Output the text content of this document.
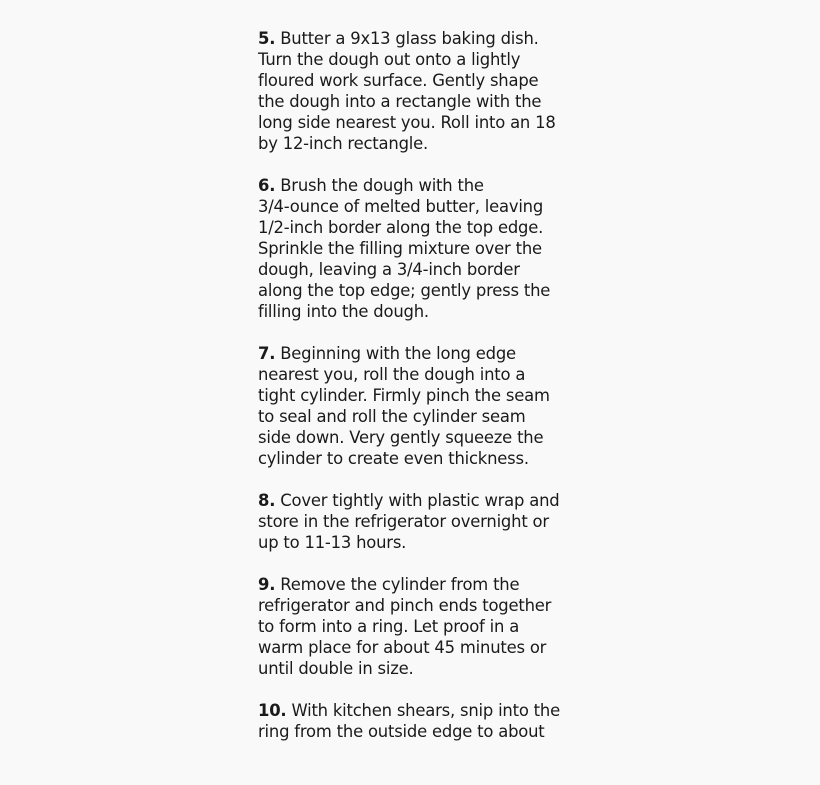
5. Butter a 9x13 glass baking dish.
Turn the dough out onto a lightly
floured work surface. Gently shape
the dough into a rectangle with the
long side nearest you. Roll into an 18
by 12-inch rectangle.
6. Brush the dough with the
3/4-ounce of melted butter, leaving
1/2-inch border along the top edge.
Sprinkle the filling mixture over the
dough, leaving a 3/4-inch border
along the top edge; gently press the
filling into the dough.
7. Beginning with the long edge
nearest you, roll the dough into a
tight cylinder. Firmly pinch the seam
to seal and roll the cylinder seam
side down. Very gently squeeze the
cylinder to create even thickness.
8. Cover tightly with plastic wrap and
store in the refrigerator overnight or
up to 11-13 hours.
9. Remove the cylinder from the
refrigerator and pinch ends together
to form into a ring. Let proof in a
warm place for about 45 minutes or
until double in size.
10. With kitchen shears, snip into the
ring from the outside edge to about
